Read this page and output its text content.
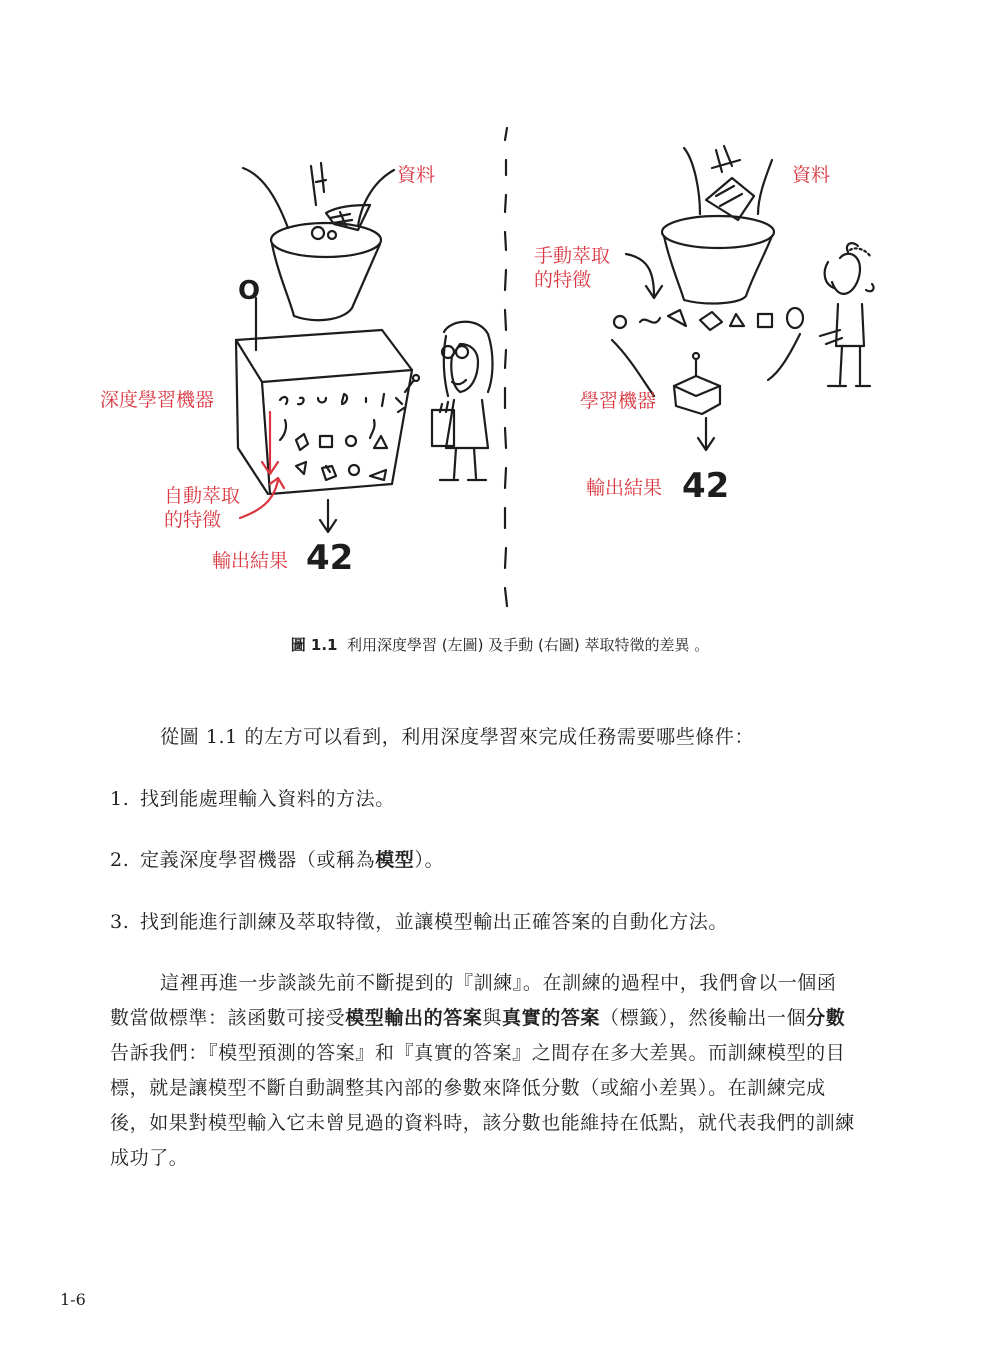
資料
O
深度學習機器
自動萃取
的特徵
輸出結果 42
資料
手動萃取
的特徵
學習機器
輸出結果 42
圖 1.1 利用深度學習 (左圖) 及手動 (右圖) 萃取特徵的差異 。

從圖 1.1 的左方可以看到，利用深度學習來完成任務需要哪些條件：

1. 找到能處理輸入資料的方法。

2. 定義深度學習機器（或稱為模型）。

3. 找到能進行訓練及萃取特徵，並讓模型輸出正確答案的自動化方法。

這裡再進一步談談先前不斷提到的『訓練』。在訓練的過程中，我們會以一個函數當做標準：該函數可接受模型輸出的答案與真實的答案（標籤），然後輸出一個分數告訴我們：『模型預測的答案』和『真實的答案』之間存在多大差異。而訓練模型的目標，就是讓模型不斷自動調整其內部的參數來降低分數（或縮小差異）。在訓練完成後，如果對模型輸入它未曾見過的資料時，該分數也能維持在低點，就代表我們的訓練成功了。

1-6
